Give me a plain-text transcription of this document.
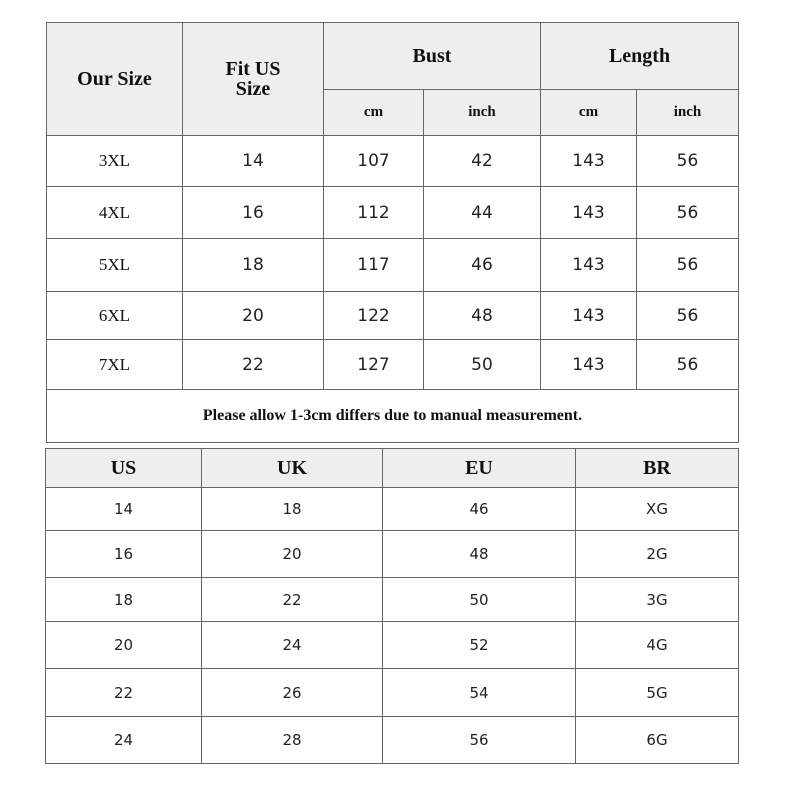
Our Size	Fit US Size	Bust		Length	
		cm	inch	cm	inch
3XL	14	107	42	143	56
4XL	16	112	44	143	56
5XL	18	117	46	143	56
6XL	20	122	48	143	56
7XL	22	127	50	143	56
Please allow 1-3cm differs due to manual measurement.					
US	UK	EU	BR
14	18	46	XG
16	20	48	2G
18	22	50	3G
20	24	52	4G
22	26	54	5G
24	28	56	6G
